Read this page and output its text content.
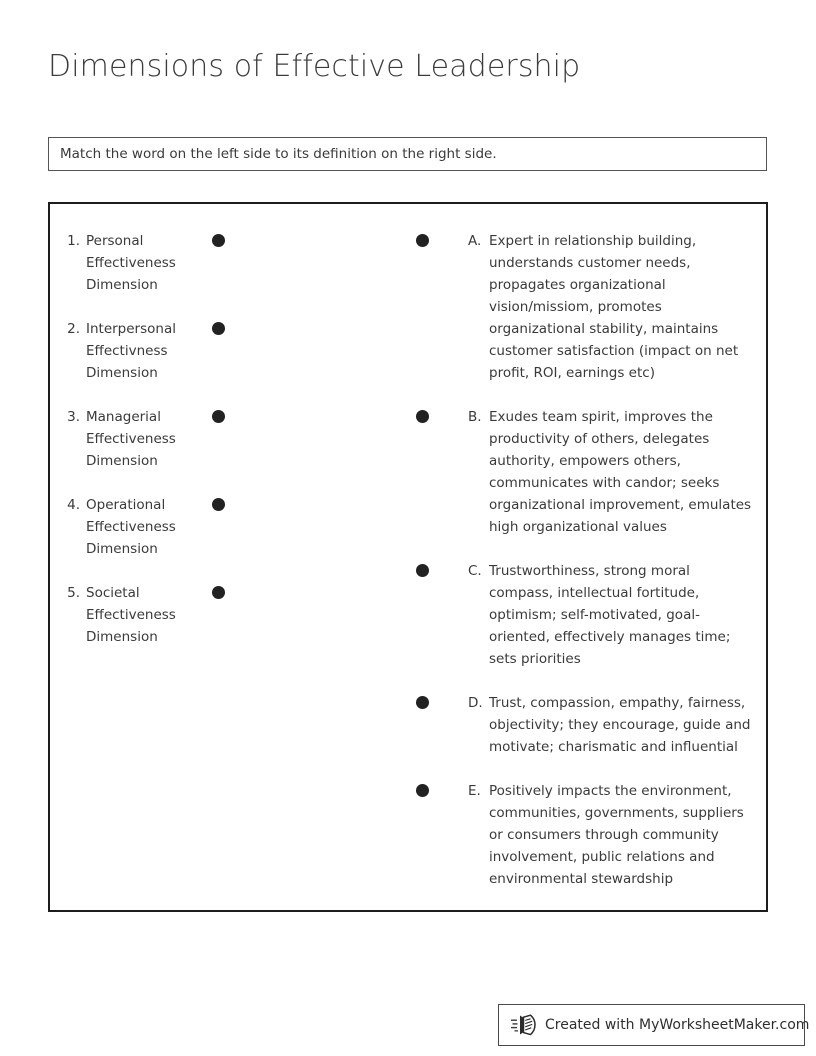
Dimensions of Effective Leadership
Match the word on the left side to its definition on the right side.
1. Personal Effectiveness Dimension
2. Interpersonal Effectivness Dimension
3. Managerial Effectiveness Dimension
4. Operational Effectiveness Dimension
5. Societal Effectiveness Dimension
A. Expert in relationship building, understands customer needs, propagates organizational vision/missiom, promotes organizational stability, maintains customer satisfaction (impact on net profit, ROI, earnings etc)
B. Exudes team spirit, improves the productivity of others, delegates authority, empowers others, communicates with candor; seeks organizational improvement, emulates high organizational values
C. Trustworthiness, strong moral compass, intellectual fortitude, optimism; self-motivated, goal-oriented, effectively manages time; sets priorities
D. Trust, compassion, empathy, fairness, objectivity; they encourage, guide and motivate; charismatic and influential
E. Positively impacts the environment, communities, governments, suppliers or consumers through community involvement, public relations and environmental stewardship
Created with MyWorksheetMaker.com
